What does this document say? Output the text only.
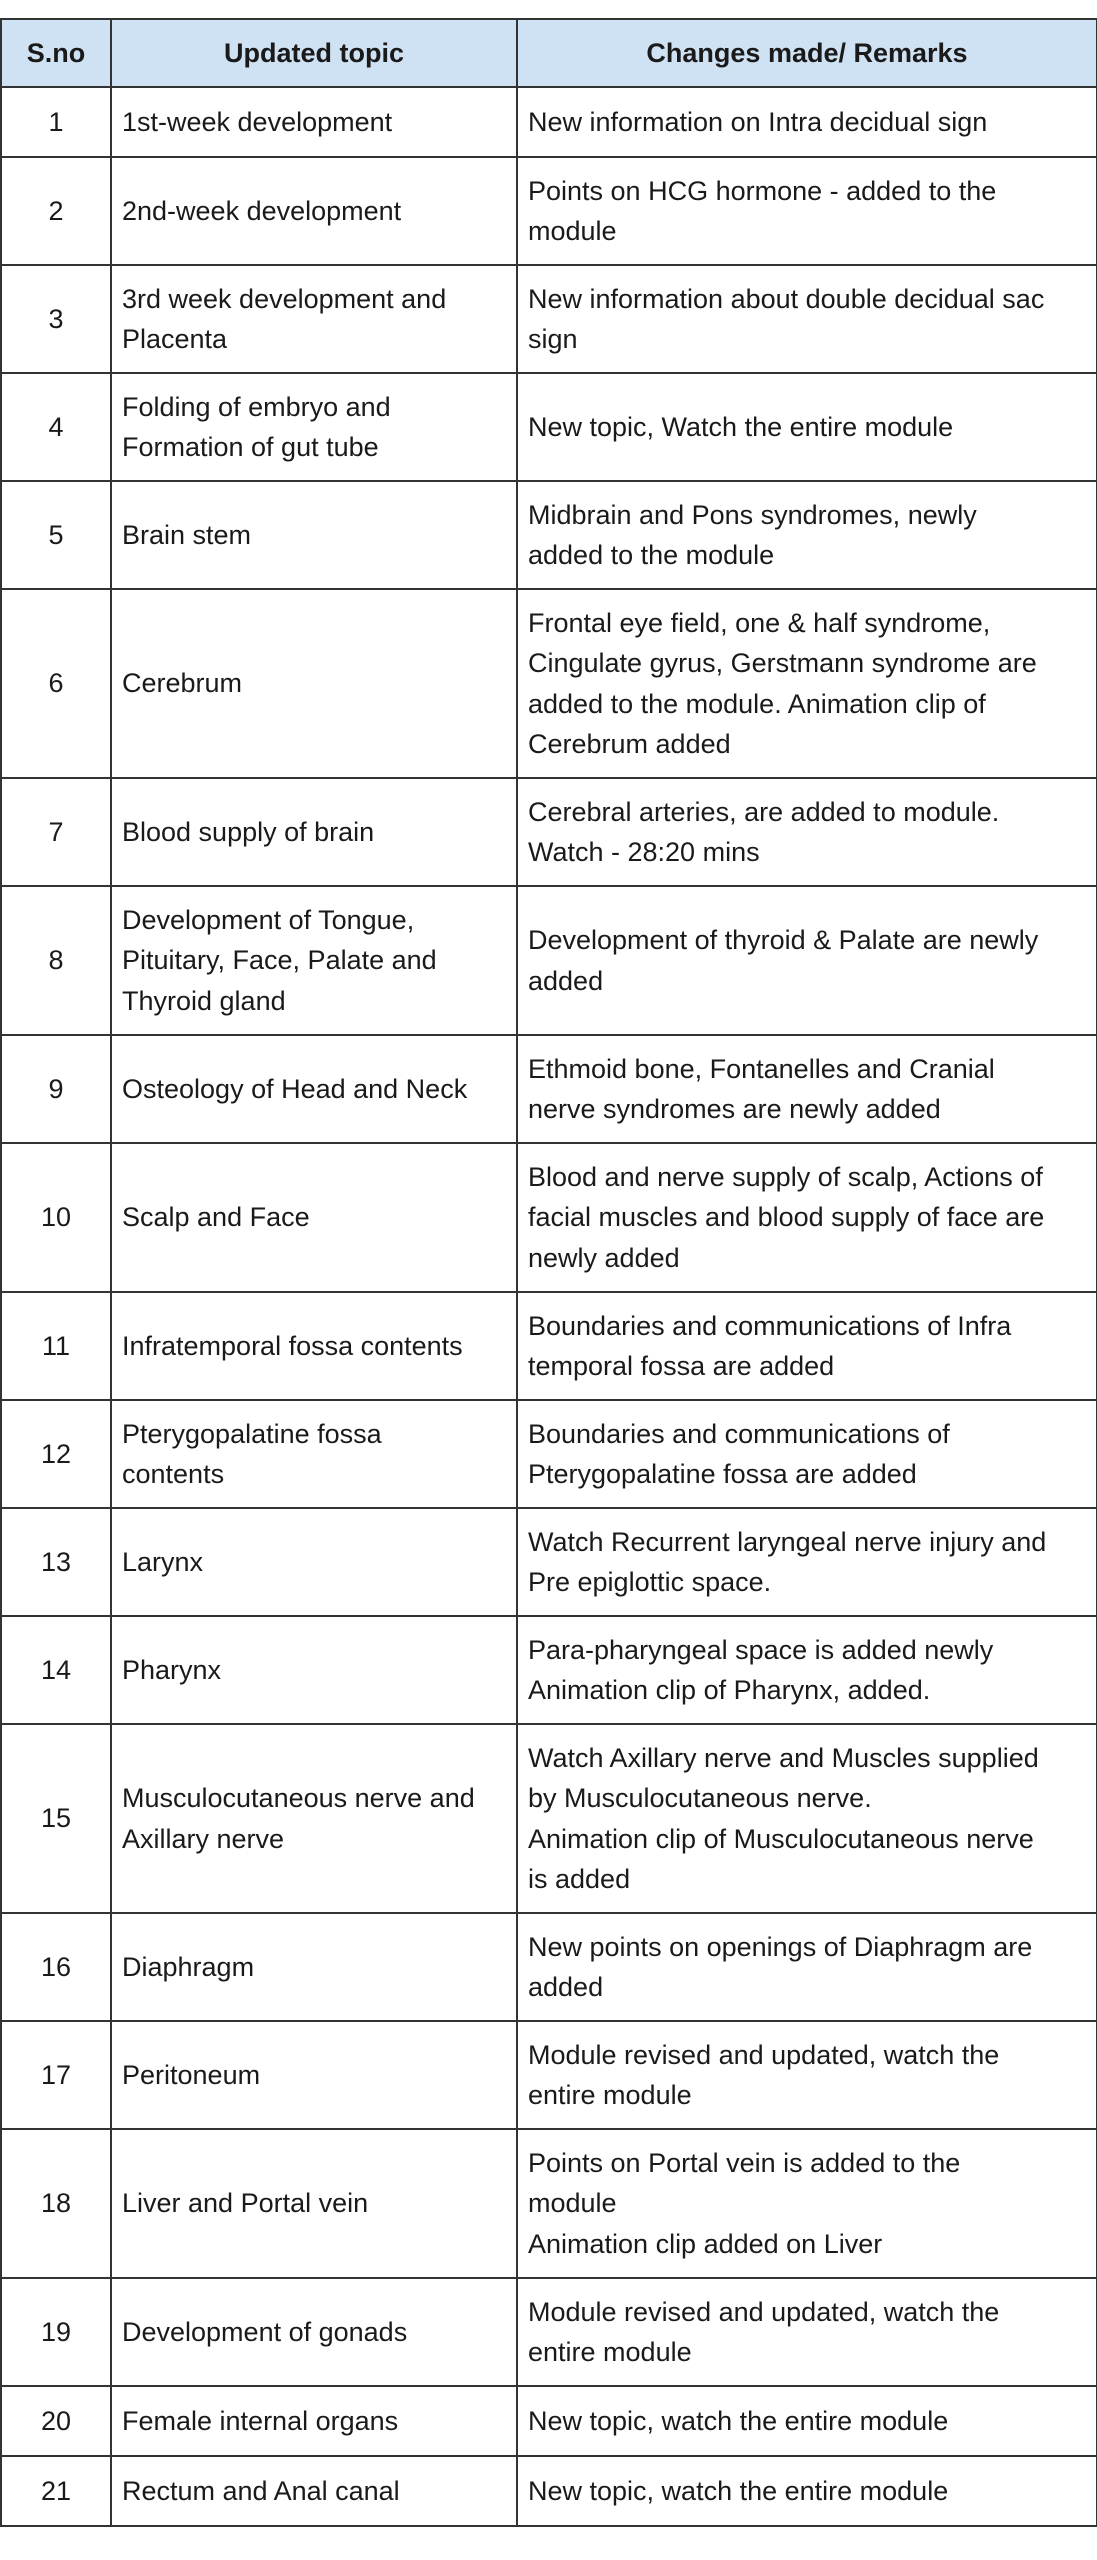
S.no	Updated topic	Changes made/ Remarks
1	1st-week development	New information on Intra decidual sign

2	2nd-week development	Points on HCG hormone - added to the
module

3	3rd week development and
Placenta	New information about double decidual sac
sign

4	Folding of embryo and
Formation of gut tube	New topic, Watch the entire module

5	Brain stem	Midbrain and Pons syndromes, newly
added to the module

6	Cerebrum	Frontal eye field, one & half syndrome,
Cingulate gyrus, Gerstmann syndrome are
added to the module. Animation clip of
Cerebrum added

7	Blood supply of brain	Cerebral arteries, are added to module.
Watch - 28:20 mins

8	Development of Tongue,
Pituitary, Face, Palate and
Thyroid gland	Development of thyroid & Palate are newly
added

9	Osteology of Head and Neck	Ethmoid bone, Fontanelles and Cranial
nerve syndromes are newly added

10	Scalp and Face	Blood and nerve supply of scalp, Actions of
facial muscles and blood supply of face are
newly added

11	Infratemporal fossa contents	Boundaries and communications of Infra
temporal fossa are added

12	Pterygopalatine fossa
contents	Boundaries and communications of
Pterygopalatine fossa are added

13	Larynx	Watch Recurrent laryngeal nerve injury and
Pre epiglottic space.

14	Pharynx	Para-pharyngeal space is added newly
Animation clip of Pharynx, added.

15	Musculocutaneous nerve and
Axillary nerve	Watch Axillary nerve and Muscles supplied
by Musculocutaneous nerve.
Animation clip of Musculocutaneous nerve
is added

16	Diaphragm	New points on openings of Diaphragm are
added

17	Peritoneum	Module revised and updated, watch the
entire module

18	Liver and Portal vein	Points on Portal vein is added to the
module
Animation clip added on Liver

19	Development of gonads	Module revised and updated, watch the
entire module

20	Female internal organs	New topic, watch the entire module

21	Rectum and Anal canal	New topic, watch the entire module
